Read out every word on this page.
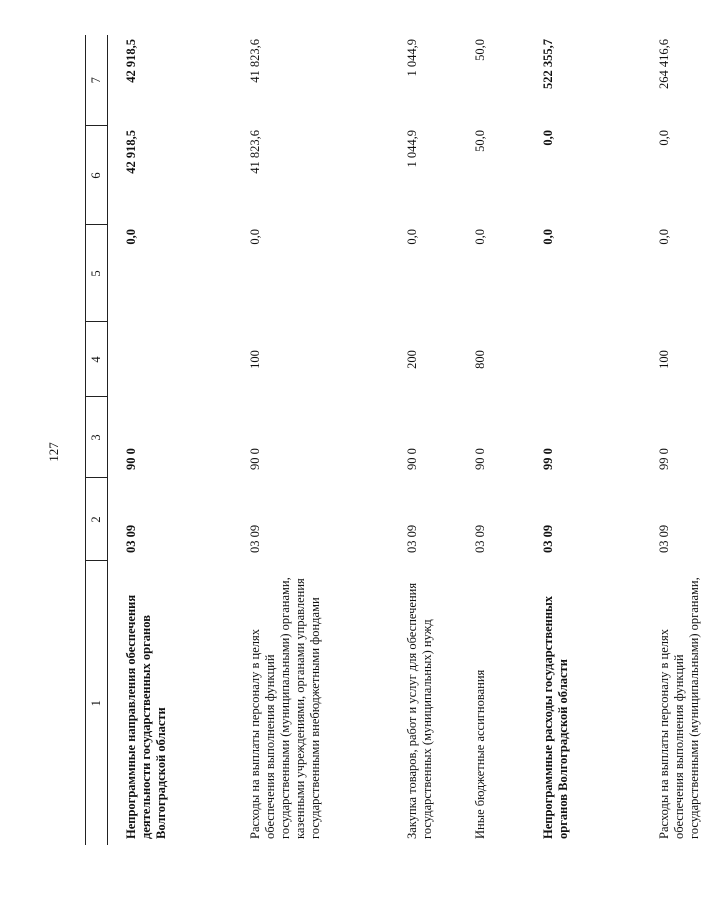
127
1	2	3	4	5	6	7
Непрограммные направления обеспечения деятельности государственных органов Волгоградской области	03 09	90 0		0,0	42 918,5	42 918,5
Расходы на выплаты персоналу в целях обеспечения выполнения функций государственными (муниципальными) органами, казенными учреждениями, органами управления государственными внебюджетными фондами	03 09	90 0	100	0,0	41 823,6	41 823,6
Закупка товаров, работ и услуг для обеспечения государственных (муниципальных) нужд	03 09	90 0	200	0,0	1 044,9	1 044,9
Иные бюджетные ассигнования	03 09	90 0	800	0,0	50,0	50,0
Непрограммные расходы государственных органов Волгоградской области	03 09	99 0		0,0	0,0	522 355,7
Расходы на выплаты персоналу в целях обеспечения выполнения функций государственными (муниципальными) органами,	03 09	99 0	100	0,0	0,0	264 416,6
